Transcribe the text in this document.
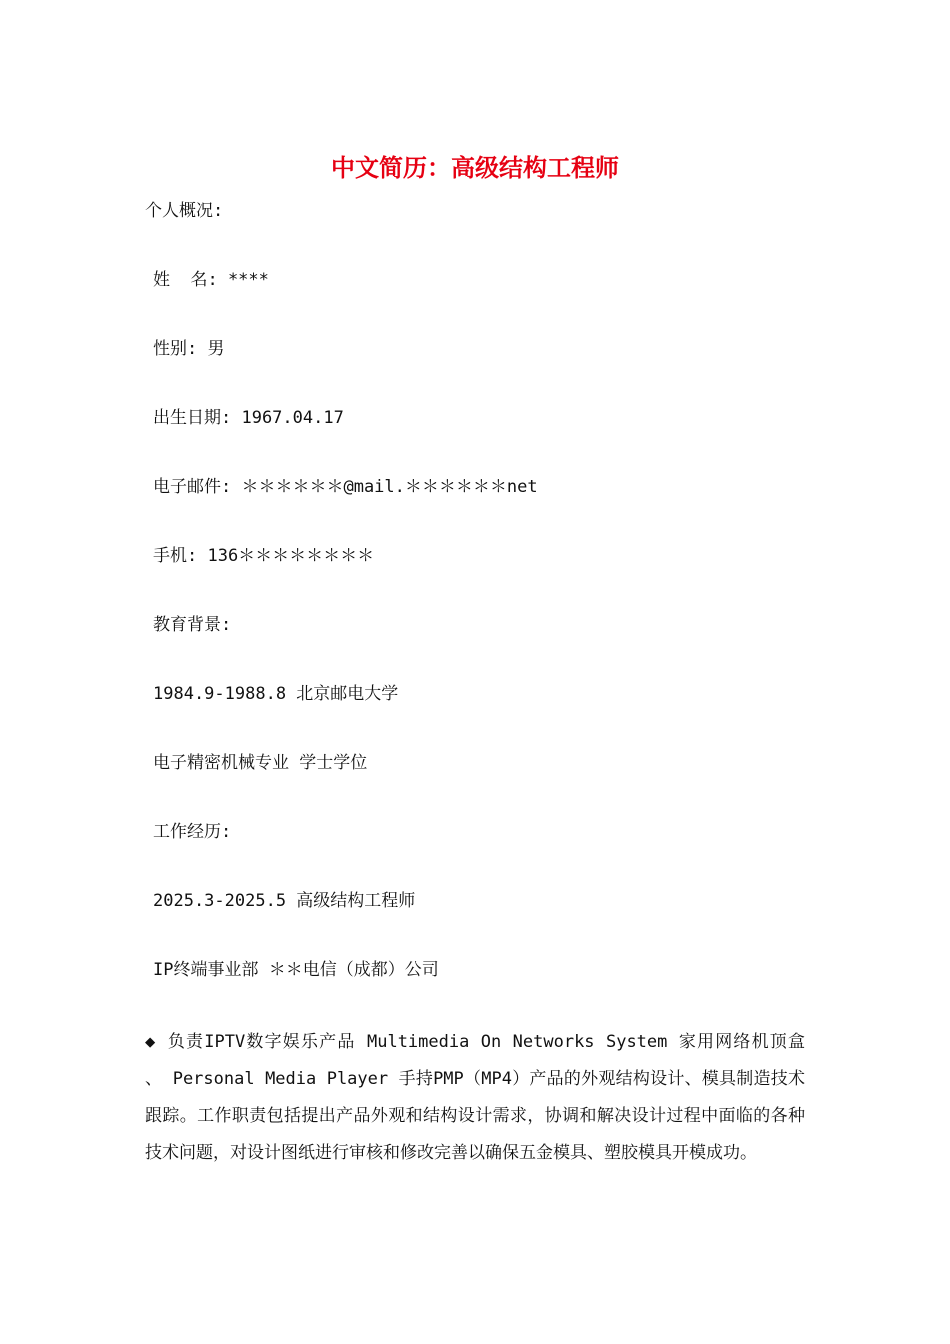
中文简历：高级结构工程师
个人概况:
姓  名: ****
性别: 男
出生日期: 1967.04.17
电子邮件: ＊＊＊＊＊＊@mail.＊＊＊＊＊＊net
手机: 136＊＊＊＊＊＊＊＊
教育背景:
1984.9-1988.8 北京邮电大学
电子精密机械专业 学士学位
工作经历:
2025.3-2025.5 高级结构工程师
IP终端事业部 ＊＊电信（成都）公司
◆ 负责IPTV数字娱乐产品 Multimedia On Networks System 家用网络机顶盒 、 Personal Media Player 手持PMP（MP4）产品的外观结构设计、模具制造技术跟踪。工作职责包括提出产品外观和结构设计需求，协调和解决设计过程中面临的各种技术问题，对设计图纸进行审核和修改完善以确保五金模具、塑胶模具开模成功。
